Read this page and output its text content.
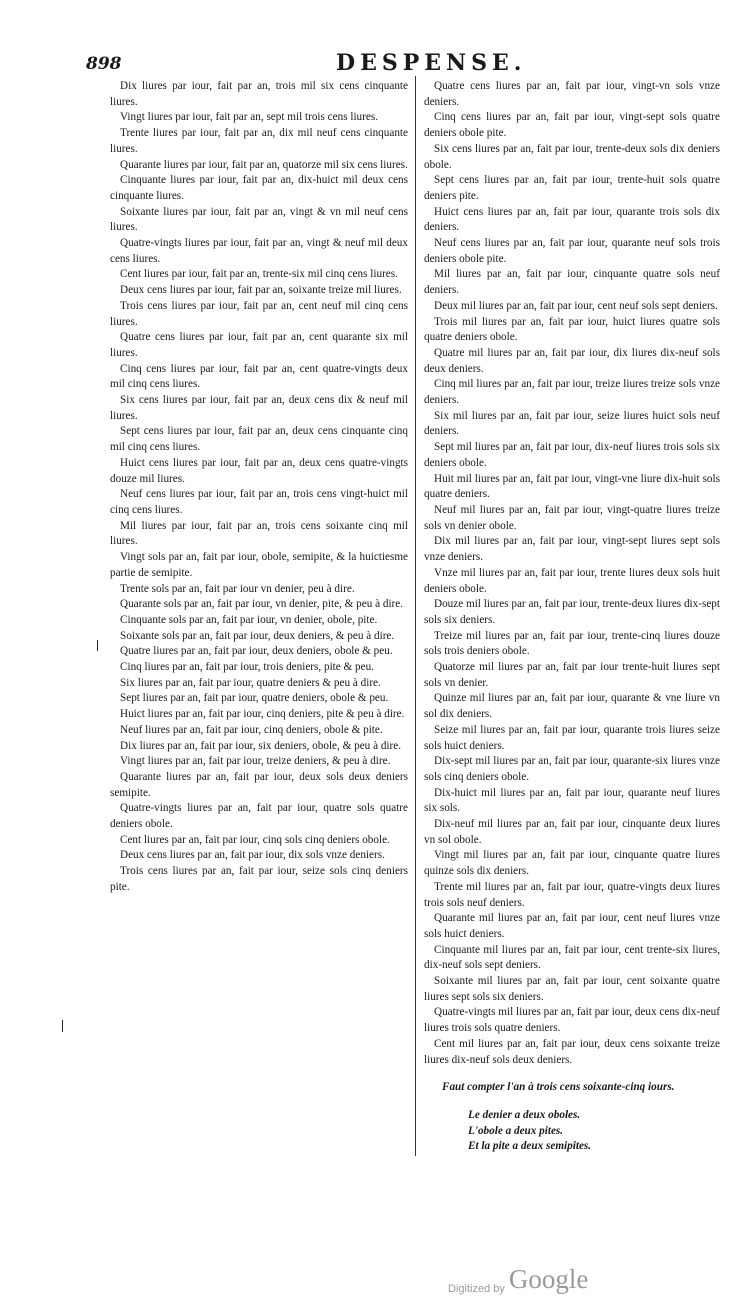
898	DESPENSE.

Dix liures par iour, fait par an, trois mil six cens cinquante liures.

Vingt liures par iour, fait par an, sept mil trois cens liures.

Trente liures par iour, fait par an, dix mil neuf cens cinquante liures.

Quarante liures par iour, fait par an, quatorze mil six cens liures.

Cinquante liures par iour, fait par an, dix-huict mil deux cens cinquante liures.

Soixante liures par iour, fait par an, vingt & vn mil neuf cens liures.

Quatre-vingts liures par iour, fait par an, vingt & neuf mil deux cens liures.

Cent liures par iour, fait par an, trente-six mil cinq cens liures.

Deux cens liures par iour, fait par an, soixante treize mil liures.

Trois cens liures par iour, fait par an, cent neuf mil cinq cens liures.

Quatre cens liures par iour, fait par an, cent quarante six mil liures.

Cinq cens liures par iour, fait par an, cent quatre-vingts deux mil cinq cens liures.

Six cens liures par iour, fait par an, deux cens dix & neuf mil liures.

Sept cens liures par iour, fait par an, deux cens cinquante cinq mil cinq cens liures.

Huict cens liures par iour, fait par an, deux cens quatre-vingts douze mil liures.

Neuf cens liures par iour, fait par an, trois cens vingt-huict mil cinq cens liures.

Mil liures par iour, fait par an, trois cens soixante cinq mil liures.

Vingt sols par an, fait par iour, obole, semipite, & la huictiesme partie de semipite.

Trente sols par an, fait par iour vn denier, peu à dire.

Quarante sols par an, fait par iour, vn denier, pite, & peu à dire.

Cinquante sols par an, fait par iour, vn denier, obole, pite.

Soixante sols par an, fait par iour, deux deniers, & peu à dire.

Quatre liures par an, fait par iour, deux deniers, obole & peu.

Cinq liures par an, fait par iour, trois deniers, pite & peu.

Six liures par an, fait par iour, quatre deniers & peu à dire.

Sept liures par an, fait par iour, quatre deniers, obole & peu.

Huict liures par an, fait par iour, cinq deniers, pite & peu à dire.

Neuf liures par an, fait par iour, cinq deniers, obole & pite.

Dix liures par an, fait par iour, six deniers, obole, & peu à dire.

Vingt liures par an, fait par iour, treize deniers, & peu à dire.

Quarante liures par an, fait par iour, deux sols deux deniers semipite.

Quatre-vingts liures par an, fait par iour, quatre sols quatre deniers obole.

Cent liures par an, fait par iour, cinq sols cinq deniers obole.

Deux cens liures par an, fait par iour, dix sols vnze deniers.

Trois cens liures par an, fait par iour, seize sols cinq deniers pite.

Quatre cens liures par an, fait par iour, vingt-vn sols vnze deniers.

Cinq cens liures par an, fait par iour, vingt-sept sols quatre deniers obole pite.

Six cens liures par an, fait par iour, trente-deux sols dix deniers obole.

Sept cens liures par an, fait par iour, trente-huit sols quatre deniers pite.

Huict cens liures par an, fait par iour, quarante trois sols dix deniers.

Neuf cens liures par an, fait par iour, quarante neuf sols trois deniers obole pite.

Mil liures par an, fait par iour, cinquante quatre sols neuf deniers.

Deux mil liures par an, fait par iour, cent neuf sols sept deniers.

Trois mil liures par an, fait par iour, huict liures quatre sols quatre deniers obole.

Quatre mil liures par an, fait par iour, dix liures dix-neuf sols deux deniers.

Cinq mil liures par an, fait par iour, treize liures treize sols vnze deniers.

Six mil liures par an, fait par iour, seize liures huict sols neuf deniers.

Sept mil liures par an, fait par iour, dix-neuf liures trois sols six deniers obole.

Huit mil liures par an, fait par iour, vingt-vne liure dix-huit sols quatre deniers.

Neuf mil liures par an, fait par iour, vingt-quatre liures treize sols vn denier obole.

Dix mil liures par an, fait par iour, vingt-sept liures sept sols vnze deniers.

Vnze mil liures par an, fait par iour, trente liures deux sols huit deniers obole.

Douze mil liures par an, fait par iour, trente-deux liures dix-sept sols six deniers.

Treize mil liures par an, fait par iour, trente-cinq liures douze sols trois deniers obole.

Quatorze mil liures par an, fait par iour trente-huit liures sept sols vn denier.

Quinze mil liures par an, fait par iour, quarante & vne liure vn sol dix deniers.

Seize mil liures par an, fait par iour, quarante trois liures seize sols huict deniers.

Dix-sept mil liures par an, fait par iour, quarante-six liures vnze sols cinq deniers obole.

Dix-huict mil liures par an, fait par iour, quarante neuf liures six sols.

Dix-neuf mil liures par an, fait par iour, cinquante deux liures vn sol obole.

Vingt mil liures par an, fait par iour, cinquante quatre liures quinze sols dix deniers.

Trente mil liures par an, fait par iour, quatre-vingts deux liures trois sols neuf deniers.

Quarante mil liures par an, fait par iour, cent neuf liures vnze sols huict deniers.

Cinquante mil liures par an, fait par iour, cent trente-six liures, dix-neuf sols sept deniers.

Soixante mil liures par an, fait par iour, cent soixante quatre liures sept sols six deniers.

Quatre-vingts mil liures par an, fait par iour, deux cens dix-neuf liures trois sols quatre deniers.

Cent mil liures par an, fait par iour, deux cens soixante treize liures dix-neuf sols deux deniers.

Faut compter l'an à trois cens soixante-cinq iours.

Le denier a deux oboles.

L'obole a deux pites.

Et la pite a deux semipites.

Digitized by Google
